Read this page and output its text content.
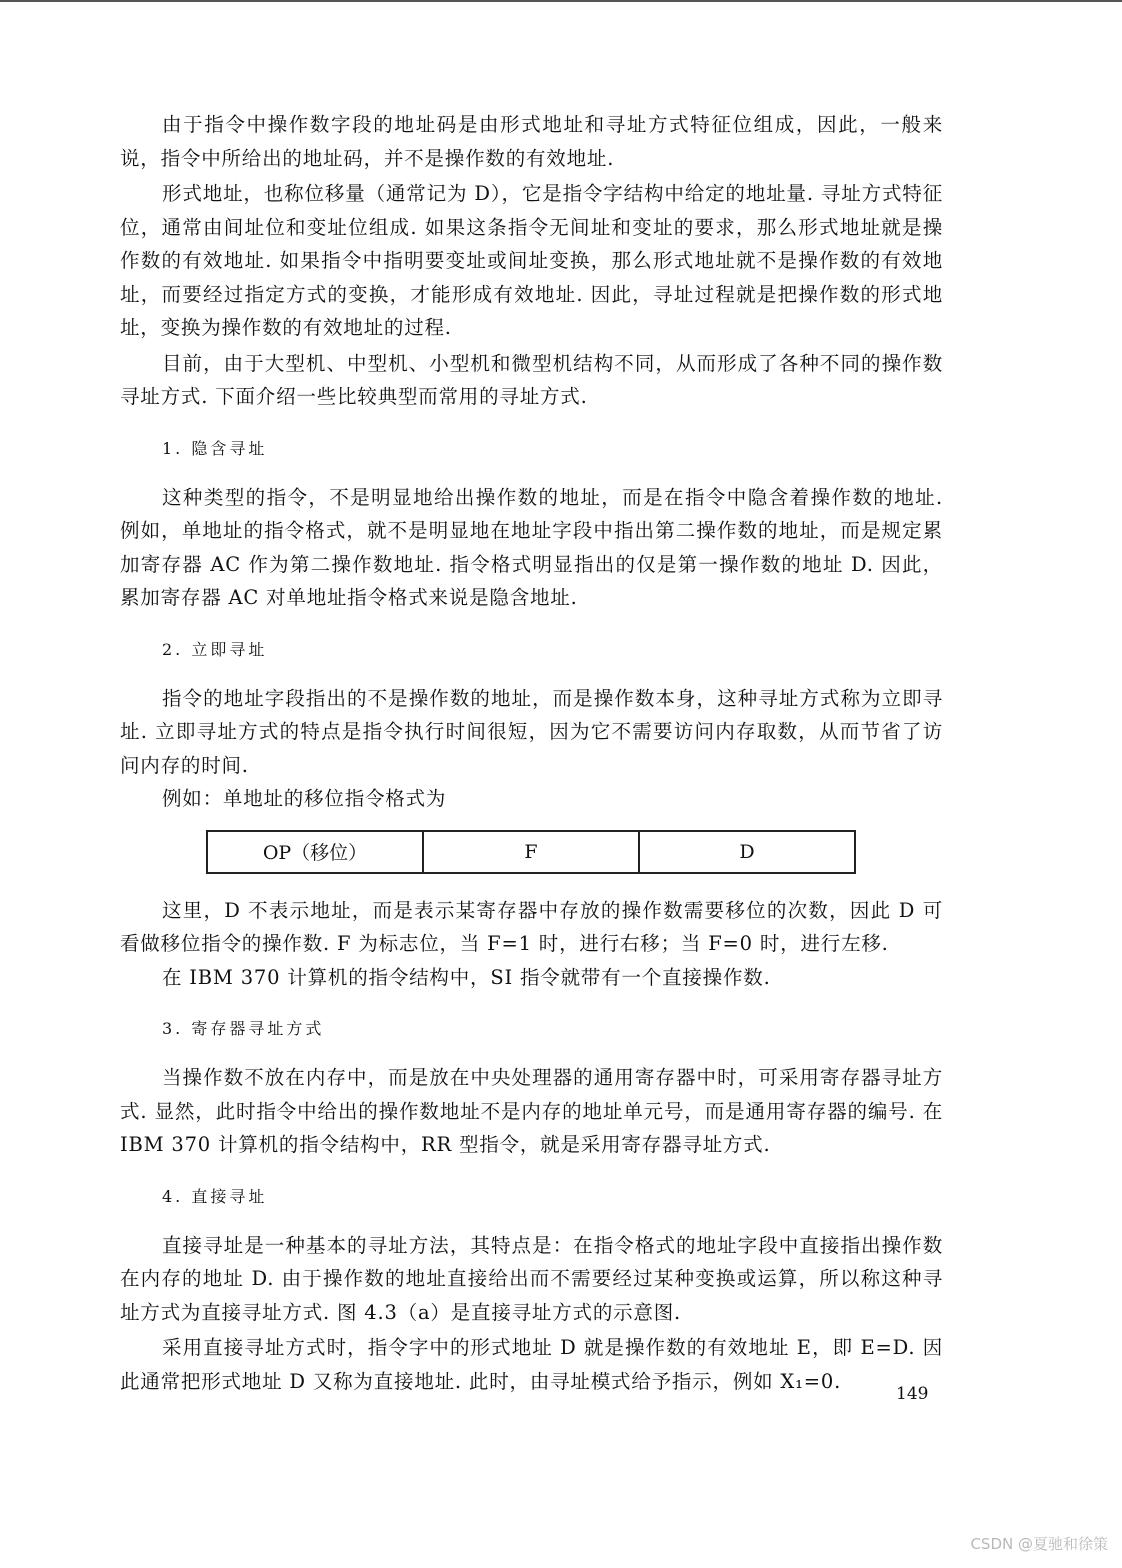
由于指令中操作数字段的地址码是由形式地址和寻址方式特征位组成，因此，一般来说，指令中所给出的地址码，并不是操作数的有效地址.

形式地址，也称位移量（通常记为 D），它是指令字结构中给定的地址量. 寻址方式特征位，通常由间址位和变址位组成. 如果这条指令无间址和变址的要求，那么形式地址就是操作数的有效地址. 如果指令中指明要变址或间址变换，那么形式地址就不是操作数的有效地址，而要经过指定方式的变换，才能形成有效地址. 因此，寻址过程就是把操作数的形式地址，变换为操作数的有效地址的过程.

目前，由于大型机、中型机、小型机和微型机结构不同，从而形成了各种不同的操作数寻址方式. 下面介绍一些比较典型而常用的寻址方式.

1. 隐含寻址

这种类型的指令，不是明显地给出操作数的地址，而是在指令中隐含着操作数的地址. 例如，单地址的指令格式，就不是明显地在地址字段中指出第二操作数的地址，而是规定累加寄存器 AC 作为第二操作数地址. 指令格式明显指出的仅是第一操作数的地址 D. 因此，累加寄存器 AC 对单地址指令格式来说是隐含地址.

2. 立即寻址

指令的地址字段指出的不是操作数的地址，而是操作数本身，这种寻址方式称为立即寻址. 立即寻址方式的特点是指令执行时间很短，因为它不需要访问内存取数，从而节省了访问内存的时间.

例如：单地址的移位指令格式为

OP（移位）	F	D

这里，D 不表示地址，而是表示某寄存器中存放的操作数需要移位的次数，因此 D 可看做移位指令的操作数. F 为标志位，当 F=1 时，进行右移；当 F=0 时，进行左移.

在 IBM 370 计算机的指令结构中，SI 指令就带有一个直接操作数.

3. 寄存器寻址方式

当操作数不放在内存中，而是放在中央处理器的通用寄存器中时，可采用寄存器寻址方式. 显然，此时指令中给出的操作数地址不是内存的地址单元号，而是通用寄存器的编号. 在 IBM 370 计算机的指令结构中，RR 型指令，就是采用寄存器寻址方式.

4. 直接寻址

直接寻址是一种基本的寻址方法，其特点是：在指令格式的地址字段中直接指出操作数在内存的地址 D. 由于操作数的地址直接给出而不需要经过某种变换或运算，所以称这种寻址方式为直接寻址方式. 图 4.3（a）是直接寻址方式的示意图.

采用直接寻址方式时，指令字中的形式地址 D 就是操作数的有效地址 E，即 E=D. 因此通常把形式地址 D 又称为直接地址. 此时，由寻址模式给予指示，例如 X₁=0.

149
CSDN @夏驰和徐策
